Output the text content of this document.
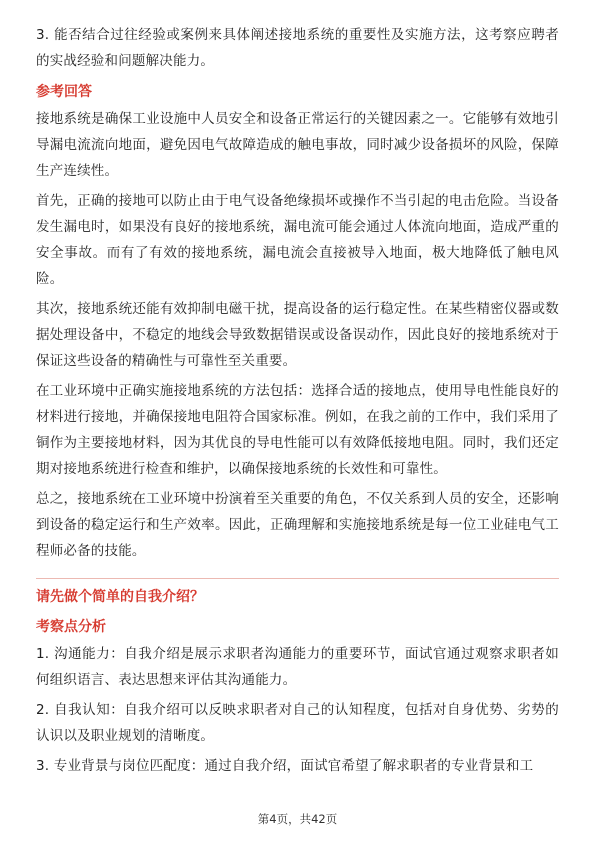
3. 能否结合过往经验或案例来具体阐述接地系统的重要性及实施方法，这考察应聘者的实战经验和问题解决能力。

参考回答

接地系统是确保工业设施中人员安全和设备正常运行的关键因素之一。它能够有效地引导漏电流流向地面，避免因电气故障造成的触电事故，同时减少设备损坏的风险，保障生产连续性。

首先，正确的接地可以防止由于电气设备绝缘损坏或操作不当引起的电击危险。当设备发生漏电时，如果没有良好的接地系统，漏电流可能会通过人体流向地面，造成严重的安全事故。而有了有效的接地系统，漏电流会直接被导入地面，极大地降低了触电风险。

其次，接地系统还能有效抑制电磁干扰，提高设备的运行稳定性。在某些精密仪器或数据处理设备中，不稳定的地线会导致数据错误或设备误动作，因此良好的接地系统对于保证这些设备的精确性与可靠性至关重要。

在工业环境中正确实施接地系统的方法包括：选择合适的接地点，使用导电性能良好的材料进行接地，并确保接地电阻符合国家标准。例如，在我之前的工作中，我们采用了铜作为主要接地材料，因为其优良的导电性能可以有效降低接地电阻。同时，我们还定期对接地系统进行检查和维护，以确保接地系统的长效性和可靠性。

总之，接地系统在工业环境中扮演着至关重要的角色，不仅关系到人员的安全，还影响到设备的稳定运行和生产效率。因此，正确理解和实施接地系统是每一位工业硅电气工程师必备的技能。

请先做个简单的自我介绍？
考察点分析

1. 沟通能力：自我介绍是展示求职者沟通能力的重要环节，面试官通过观察求职者如何组织语言、表达思想来评估其沟通能力。

2. 自我认知：自我介绍可以反映求职者对自己的认知程度，包括对自身优势、劣势的认识以及职业规划的清晰度。

3. 专业背景与岗位匹配度：通过自我介绍，面试官希望了解求职者的专业背景和工

第4页，共42页
